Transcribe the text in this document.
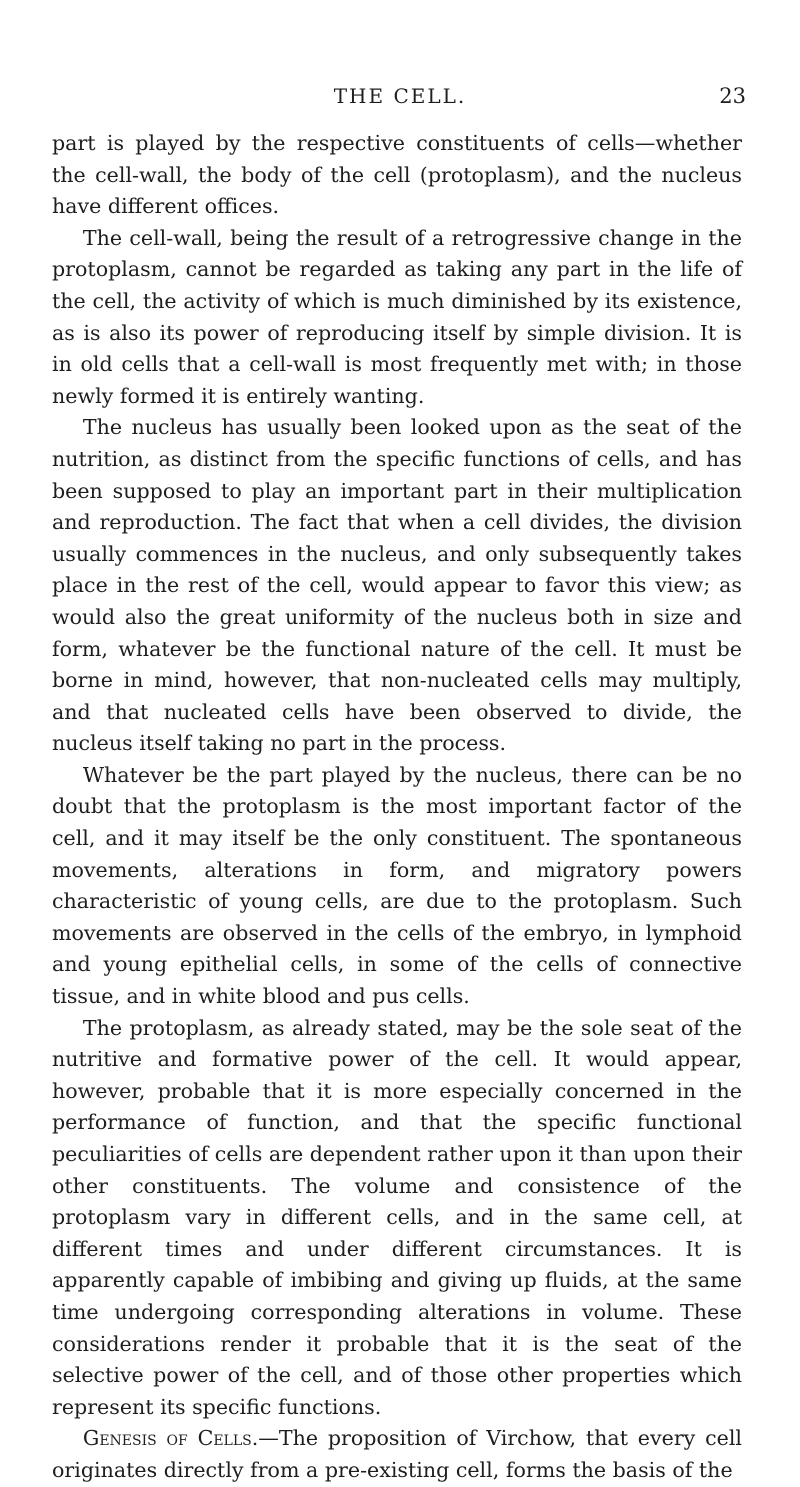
THE CELL.	23

part is played by the respective constituents of cells—whether the cell-wall, the body of the cell (protoplasm), and the nucleus have different offices.

The cell-wall, being the result of a retrogressive change in the protoplasm, cannot be regarded as taking any part in the life of the cell, the activity of which is much diminished by its existence, as is also its power of reproducing itself by simple division. It is in old cells that a cell-wall is most frequently met with; in those newly formed it is entirely wanting.

The nucleus has usually been looked upon as the seat of the nutrition, as distinct from the specific functions of cells, and has been supposed to play an important part in their multiplication and reproduction. The fact that when a cell divides, the division usually commences in the nucleus, and only subsequently takes place in the rest of the cell, would appear to favor this view; as would also the great uniformity of the nucleus both in size and form, whatever be the functional nature of the cell. It must be borne in mind, however, that non-nucleated cells may multiply, and that nucleated cells have been observed to divide, the nucleus itself taking no part in the process.

Whatever be the part played by the nucleus, there can be no doubt that the protoplasm is the most important factor of the cell, and it may itself be the only constituent. The spontaneous movements, alterations in form, and migratory powers characteristic of young cells, are due to the protoplasm. Such movements are observed in the cells of the embryo, in lymphoid and young epithelial cells, in some of the cells of connective tissue, and in white blood and pus cells.

The protoplasm, as already stated, may be the sole seat of the nutritive and formative power of the cell. It would appear, however, probable that it is more especially concerned in the performance of function, and that the specific functional peculiarities of cells are dependent rather upon it than upon their other constituents. The volume and consistence of the protoplasm vary in different cells, and in the same cell, at different times and under different circumstances. It is apparently capable of imbibing and giving up fluids, at the same time undergoing corresponding alterations in volume. These considerations render it probable that it is the seat of the selective power of the cell, and of those other properties which represent its specific functions.

Genesis of Cells.—The proposition of Virchow, that every cell originates directly from a pre-existing cell, forms the basis of the
